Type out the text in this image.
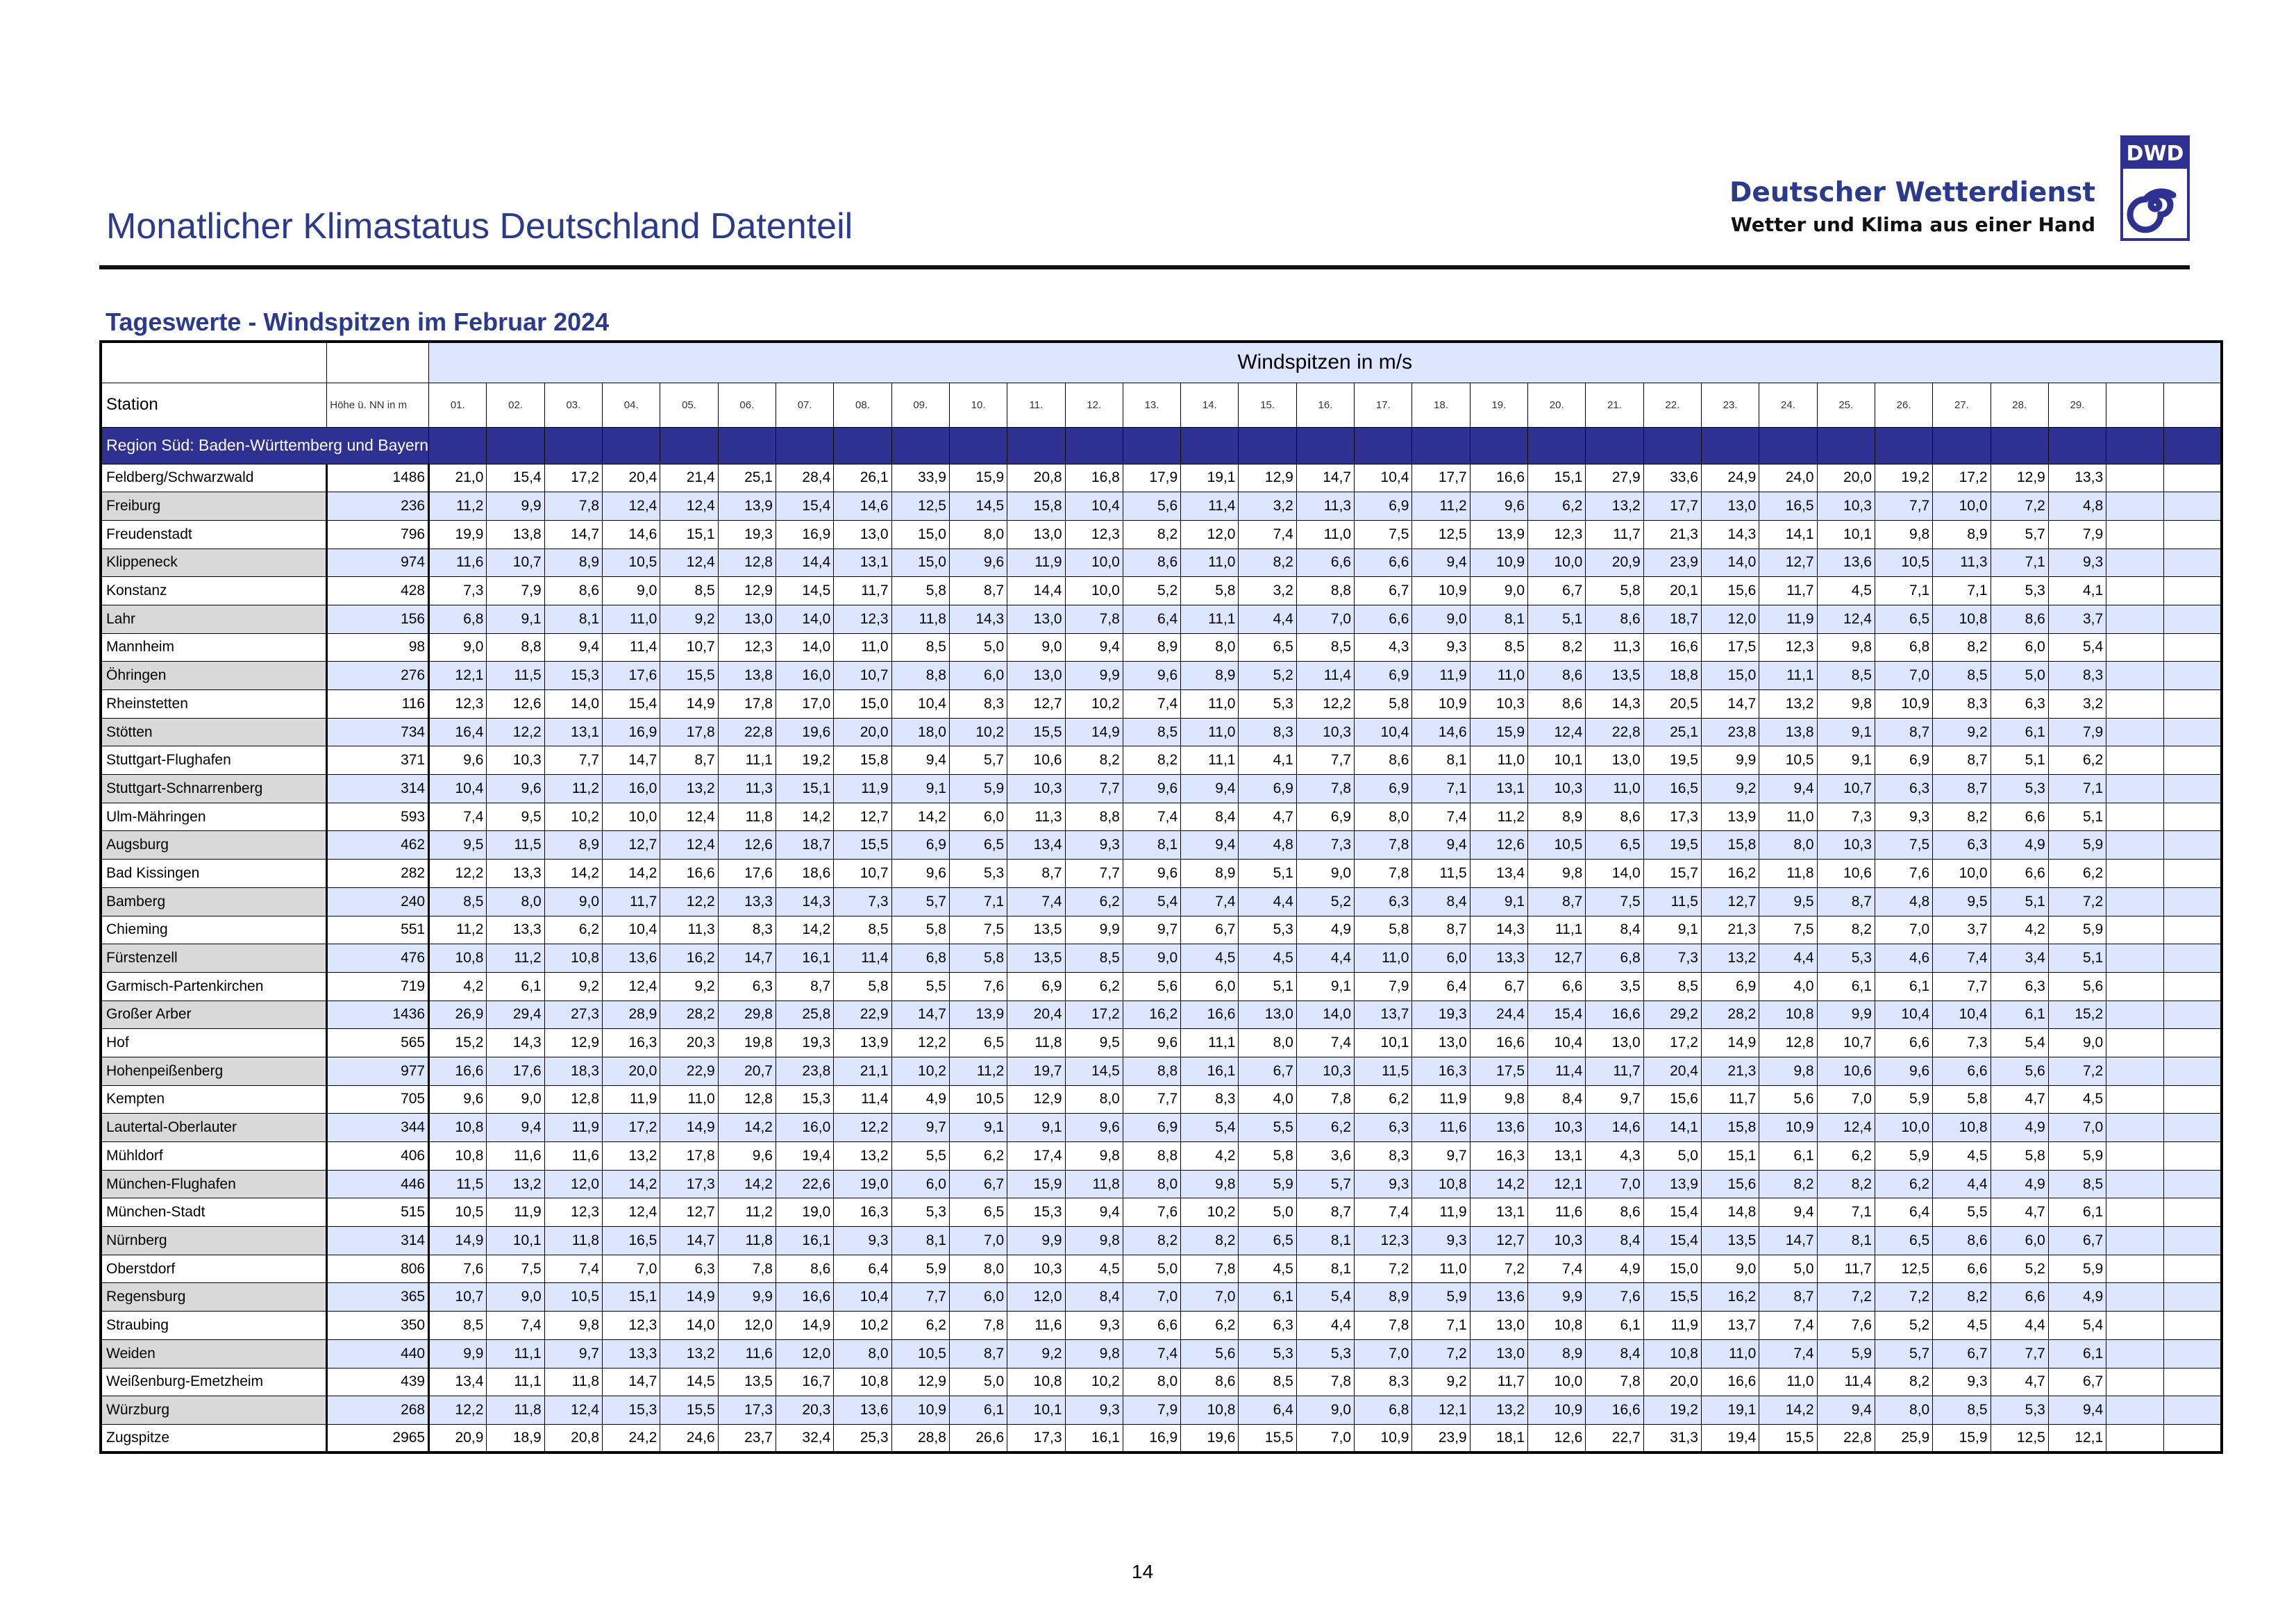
Monatlicher Klimastatus Deutschland Datenteil
Deutscher Wetterdienst
Wetter und Klima aus einer Hand
DWD
Tageswerte - Windspitzen im Februar 2024
		Windspitzen in m/s																														
Station	Höhe ü. NN in m	01.	02.	03.	04.	05.	06.	07.	08.	09.	10.	11.	12.	13.	14.	15.	16.	17.	18.	19.	20.	21.	22.	23.	24.	25.	26.	27.	28.	29.		
Region Süd: Baden-Württemberg und Bayern																																
Feldberg/Schwarzwald	1486	21,0	15,4	17,2	20,4	21,4	25,1	28,4	26,1	33,9	15,9	20,8	16,8	17,9	19,1	12,9	14,7	10,4	17,7	16,6	15,1	27,9	33,6	24,9	24,0	20,0	19,2	17,2	12,9	13,3		
Freiburg	236	11,2	9,9	7,8	12,4	12,4	13,9	15,4	14,6	12,5	14,5	15,8	10,4	5,6	11,4	3,2	11,3	6,9	11,2	9,6	6,2	13,2	17,7	13,0	16,5	10,3	7,7	10,0	7,2	4,8		
Freudenstadt	796	19,9	13,8	14,7	14,6	15,1	19,3	16,9	13,0	15,0	8,0	13,0	12,3	8,2	12,0	7,4	11,0	7,5	12,5	13,9	12,3	11,7	21,3	14,3	14,1	10,1	9,8	8,9	5,7	7,9		
Klippeneck	974	11,6	10,7	8,9	10,5	12,4	12,8	14,4	13,1	15,0	9,6	11,9	10,0	8,6	11,0	8,2	6,6	6,6	9,4	10,9	10,0	20,9	23,9	14,0	12,7	13,6	10,5	11,3	7,1	9,3		
Konstanz	428	7,3	7,9	8,6	9,0	8,5	12,9	14,5	11,7	5,8	8,7	14,4	10,0	5,2	5,8	3,2	8,8	6,7	10,9	9,0	6,7	5,8	20,1	15,6	11,7	4,5	7,1	7,1	5,3	4,1		
Lahr	156	6,8	9,1	8,1	11,0	9,2	13,0	14,0	12,3	11,8	14,3	13,0	7,8	6,4	11,1	4,4	7,0	6,6	9,0	8,1	5,1	8,6	18,7	12,0	11,9	12,4	6,5	10,8	8,6	3,7		
Mannheim	98	9,0	8,8	9,4	11,4	10,7	12,3	14,0	11,0	8,5	5,0	9,0	9,4	8,9	8,0	6,5	8,5	4,3	9,3	8,5	8,2	11,3	16,6	17,5	12,3	9,8	6,8	8,2	6,0	5,4		
Öhringen	276	12,1	11,5	15,3	17,6	15,5	13,8	16,0	10,7	8,8	6,0	13,0	9,9	9,6	8,9	5,2	11,4	6,9	11,9	11,0	8,6	13,5	18,8	15,0	11,1	8,5	7,0	8,5	5,0	8,3		
Rheinstetten	116	12,3	12,6	14,0	15,4	14,9	17,8	17,0	15,0	10,4	8,3	12,7	10,2	7,4	11,0	5,3	12,2	5,8	10,9	10,3	8,6	14,3	20,5	14,7	13,2	9,8	10,9	8,3	6,3	3,2		
Stötten	734	16,4	12,2	13,1	16,9	17,8	22,8	19,6	20,0	18,0	10,2	15,5	14,9	8,5	11,0	8,3	10,3	10,4	14,6	15,9	12,4	22,8	25,1	23,8	13,8	9,1	8,7	9,2	6,1	7,9		
Stuttgart-Flughafen	371	9,6	10,3	7,7	14,7	8,7	11,1	19,2	15,8	9,4	5,7	10,6	8,2	8,2	11,1	4,1	7,7	8,6	8,1	11,0	10,1	13,0	19,5	9,9	10,5	9,1	6,9	8,7	5,1	6,2		
Stuttgart-Schnarrenberg	314	10,4	9,6	11,2	16,0	13,2	11,3	15,1	11,9	9,1	5,9	10,3	7,7	9,6	9,4	6,9	7,8	6,9	7,1	13,1	10,3	11,0	16,5	9,2	9,4	10,7	6,3	8,7	5,3	7,1		
Ulm-Mähringen	593	7,4	9,5	10,2	10,0	12,4	11,8	14,2	12,7	14,2	6,0	11,3	8,8	7,4	8,4	4,7	6,9	8,0	7,4	11,2	8,9	8,6	17,3	13,9	11,0	7,3	9,3	8,2	6,6	5,1		
Augsburg	462	9,5	11,5	8,9	12,7	12,4	12,6	18,7	15,5	6,9	6,5	13,4	9,3	8,1	9,4	4,8	7,3	7,8	9,4	12,6	10,5	6,5	19,5	15,8	8,0	10,3	7,5	6,3	4,9	5,9		
Bad Kissingen	282	12,2	13,3	14,2	14,2	16,6	17,6	18,6	10,7	9,6	5,3	8,7	7,7	9,6	8,9	5,1	9,0	7,8	11,5	13,4	9,8	14,0	15,7	16,2	11,8	10,6	7,6	10,0	6,6	6,2		
Bamberg	240	8,5	8,0	9,0	11,7	12,2	13,3	14,3	7,3	5,7	7,1	7,4	6,2	5,4	7,4	4,4	5,2	6,3	8,4	9,1	8,7	7,5	11,5	12,7	9,5	8,7	4,8	9,5	5,1	7,2		
Chieming	551	11,2	13,3	6,2	10,4	11,3	8,3	14,2	8,5	5,8	7,5	13,5	9,9	9,7	6,7	5,3	4,9	5,8	8,7	14,3	11,1	8,4	9,1	21,3	7,5	8,2	7,0	3,7	4,2	5,9		
Fürstenzell	476	10,8	11,2	10,8	13,6	16,2	14,7	16,1	11,4	6,8	5,8	13,5	8,5	9,0	4,5	4,5	4,4	11,0	6,0	13,3	12,7	6,8	7,3	13,2	4,4	5,3	4,6	7,4	3,4	5,1		
Garmisch-Partenkirchen	719	4,2	6,1	9,2	12,4	9,2	6,3	8,7	5,8	5,5	7,6	6,9	6,2	5,6	6,0	5,1	9,1	7,9	6,4	6,7	6,6	3,5	8,5	6,9	4,0	6,1	6,1	7,7	6,3	5,6		
Großer Arber	1436	26,9	29,4	27,3	28,9	28,2	29,8	25,8	22,9	14,7	13,9	20,4	17,2	16,2	16,6	13,0	14,0	13,7	19,3	24,4	15,4	16,6	29,2	28,2	10,8	9,9	10,4	10,4	6,1	15,2		
Hof	565	15,2	14,3	12,9	16,3	20,3	19,8	19,3	13,9	12,2	6,5	11,8	9,5	9,6	11,1	8,0	7,4	10,1	13,0	16,6	10,4	13,0	17,2	14,9	12,8	10,7	6,6	7,3	5,4	9,0		
Hohenpeißenberg	977	16,6	17,6	18,3	20,0	22,9	20,7	23,8	21,1	10,2	11,2	19,7	14,5	8,8	16,1	6,7	10,3	11,5	16,3	17,5	11,4	11,7	20,4	21,3	9,8	10,6	9,6	6,6	5,6	7,2		
Kempten	705	9,6	9,0	12,8	11,9	11,0	12,8	15,3	11,4	4,9	10,5	12,9	8,0	7,7	8,3	4,0	7,8	6,2	11,9	9,8	8,4	9,7	15,6	11,7	5,6	7,0	5,9	5,8	4,7	4,5		
Lautertal-Oberlauter	344	10,8	9,4	11,9	17,2	14,9	14,2	16,0	12,2	9,7	9,1	9,1	9,6	6,9	5,4	5,5	6,2	6,3	11,6	13,6	10,3	14,6	14,1	15,8	10,9	12,4	10,0	10,8	4,9	7,0		
Mühldorf	406	10,8	11,6	11,6	13,2	17,8	9,6	19,4	13,2	5,5	6,2	17,4	9,8	8,8	4,2	5,8	3,6	8,3	9,7	16,3	13,1	4,3	5,0	15,1	6,1	6,2	5,9	4,5	5,8	5,9		
München-Flughafen	446	11,5	13,2	12,0	14,2	17,3	14,2	22,6	19,0	6,0	6,7	15,9	11,8	8,0	9,8	5,9	5,7	9,3	10,8	14,2	12,1	7,0	13,9	15,6	8,2	8,2	6,2	4,4	4,9	8,5		
München-Stadt	515	10,5	11,9	12,3	12,4	12,7	11,2	19,0	16,3	5,3	6,5	15,3	9,4	7,6	10,2	5,0	8,7	7,4	11,9	13,1	11,6	8,6	15,4	14,8	9,4	7,1	6,4	5,5	4,7	6,1		
Nürnberg	314	14,9	10,1	11,8	16,5	14,7	11,8	16,1	9,3	8,1	7,0	9,9	9,8	8,2	8,2	6,5	8,1	12,3	9,3	12,7	10,3	8,4	15,4	13,5	14,7	8,1	6,5	8,6	6,0	6,7		
Oberstdorf	806	7,6	7,5	7,4	7,0	6,3	7,8	8,6	6,4	5,9	8,0	10,3	4,5	5,0	7,8	4,5	8,1	7,2	11,0	7,2	7,4	4,9	15,0	9,0	5,0	11,7	12,5	6,6	5,2	5,9		
Regensburg	365	10,7	9,0	10,5	15,1	14,9	9,9	16,6	10,4	7,7	6,0	12,0	8,4	7,0	7,0	6,1	5,4	8,9	5,9	13,6	9,9	7,6	15,5	16,2	8,7	7,2	7,2	8,2	6,6	4,9		
Straubing	350	8,5	7,4	9,8	12,3	14,0	12,0	14,9	10,2	6,2	7,8	11,6	9,3	6,6	6,2	6,3	4,4	7,8	7,1	13,0	10,8	6,1	11,9	13,7	7,4	7,6	5,2	4,5	4,4	5,4		
Weiden	440	9,9	11,1	9,7	13,3	13,2	11,6	12,0	8,0	10,5	8,7	9,2	9,8	7,4	5,6	5,3	5,3	7,0	7,2	13,0	8,9	8,4	10,8	11,0	7,4	5,9	5,7	6,7	7,7	6,1		
Weißenburg-Emetzheim	439	13,4	11,1	11,8	14,7	14,5	13,5	16,7	10,8	12,9	5,0	10,8	10,2	8,0	8,6	8,5	7,8	8,3	9,2	11,7	10,0	7,8	20,0	16,6	11,0	11,4	8,2	9,3	4,7	6,7		
Würzburg	268	12,2	11,8	12,4	15,3	15,5	17,3	20,3	13,6	10,9	6,1	10,1	9,3	7,9	10,8	6,4	9,0	6,8	12,1	13,2	10,9	16,6	19,2	19,1	14,2	9,4	8,0	8,5	5,3	9,4		
Zugspitze	2965	20,9	18,9	20,8	24,2	24,6	23,7	32,4	25,3	28,8	26,6	17,3	16,1	16,9	19,6	15,5	7,0	10,9	23,9	18,1	12,6	22,7	31,3	19,4	15,5	22,8	25,9	15,9	12,5	12,1		
14
